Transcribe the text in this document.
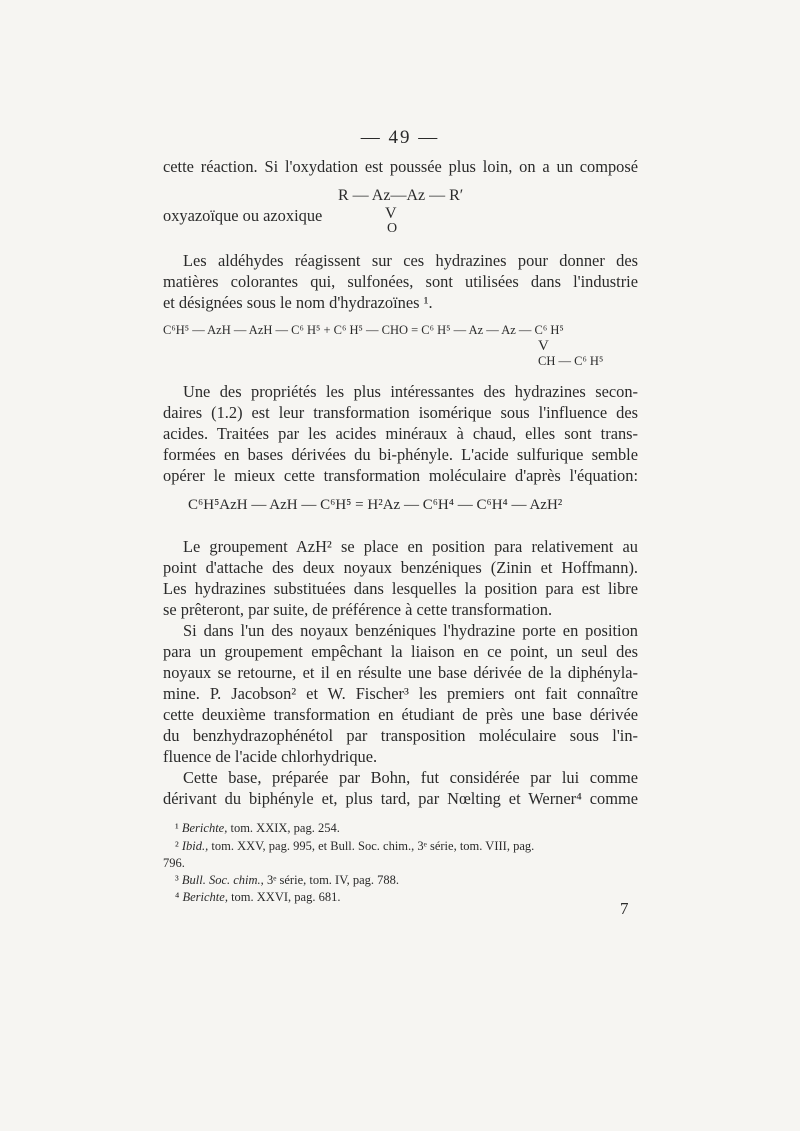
— 49 —
cette réaction. Si l'oxydation est poussée plus loin, on a un composé
R — Az—Az — R′
oxyazoïque ou azoxique	V
O
Les aldéhydes réagissent sur ces hydrazines pour donner des
matières colorantes qui, sulfonées, sont utilisées dans l'industrie
et désignées sous le nom d'hydrazoïnes ¹.
C⁶H⁵ — AzH — AzH — C⁶ H⁵ + C⁶ H⁵ — CHO = C⁶ H⁵ — Az — Az — C⁶ H⁵
V
CH — C⁶ H⁵
Une des propriétés les plus intéressantes des hydrazines secon-
daires (1.2) est leur transformation isomérique sous l'influence des
acides. Traitées par les acides minéraux à chaud, elles sont trans-
formées en bases dérivées du bi-phényle. L'acide sulfurique semble
opérer le mieux cette transformation moléculaire d'après l'équation:
C⁶H⁵AzH — AzH — C⁶H⁵ = H²Az — C⁶H⁴ — C⁶H⁴ — AzH²
Le groupement AzH² se place en position para relativement au
point d'attache des deux noyaux benzéniques (Zinin et Hoffmann).
Les hydrazines substituées dans lesquelles la position para est libre
se prêteront, par suite, de préférence à cette transformation.
Si dans l'un des noyaux benzéniques l'hydrazine porte en position
para un groupement empêchant la liaison en ce point, un seul des
noyaux se retourne, et il en résulte une base dérivée de la diphényla-
mine. P. Jacobson² et W. Fischer³ les premiers ont fait connaître
cette deuxième transformation en étudiant de près une base dérivée
du benzhydrazophénétol par transposition moléculaire sous l'in-
fluence de l'acide chlorhydrique.
Cette base, préparée par Bohn, fut considérée par lui comme
dérivant du biphényle et, plus tard, par Nœlting et Werner⁴ comme
¹ Berichte, tom. XXIX, pag. 254.
² Ibid., tom. XXV, pag. 995, et Bull. Soc. chim., 3ᵉ série, tom. VIII, pag.
796.
³ Bull. Soc. chim., 3ᵉ série, tom. IV, pag. 788.
⁴ Berichte, tom. XXVI, pag. 681.
7
